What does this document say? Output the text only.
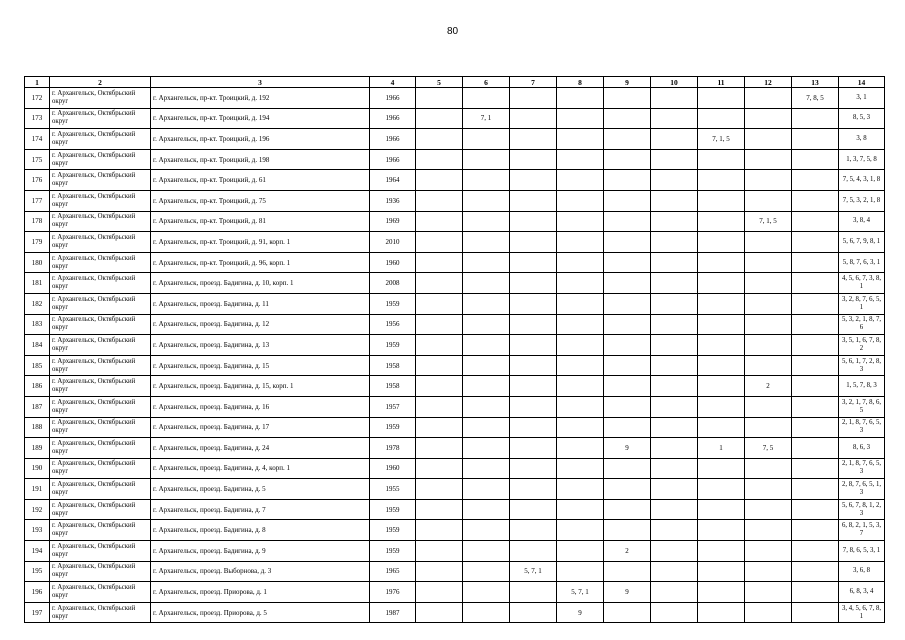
80
1	2	3	4	5	6	7	8	9	10	11	12	13	14
172	г. Архангельск, Октябрьский округ	г. Архангельск, пр-кт. Троицкий, д. 192	1966									7, 8, 5	3, 1
173	г. Архангельск, Октябрьский округ	г. Архангельск, пр-кт. Троицкий, д. 194	1966		7, 1								8, 5, 3
174	г. Архангельск, Октябрьский округ	г. Архангельск, пр-кт. Троицкий, д. 196	1966							7, 1, 5			3, 8
175	г. Архангельск, Октябрьский округ	г. Архангельск, пр-кт. Троицкий, д. 198	1966										1, 3, 7, 5, 8
176	г. Архангельск, Октябрьский округ	г. Архангельск, пр-кт. Троицкий, д. 61	1964										7, 5, 4, 3, 1, 8
177	г. Архангельск, Октябрьский округ	г. Архангельск, пр-кт. Троицкий, д. 75	1936										7, 5, 3, 2, 1, 8
178	г. Архангельск, Октябрьский округ	г. Архангельск, пр-кт. Троицкий, д. 81	1969								7, 1, 5		3, 8, 4
179	г. Архангельск, Октябрьский округ	г. Архангельск, пр-кт. Троицкий, д. 91, корп. 1	2010										5, 6, 7, 9, 8, 1
180	г. Архангельск, Октябрьский округ	г. Архангельск, пр-кт. Троицкий, д. 96, корп. 1	1960										5, 8, 7, 6, 3, 1
181	г. Архангельск, Октябрьский округ	г. Архангельск, проезд. Бадигина, д. 10, корп. 1	2008										4, 5, 6, 7, 3, 8, 1
182	г. Архангельск, Октябрьский округ	г. Архангельск, проезд. Бадигина, д. 11	1959										3, 2, 8, 7, 6, 5, 1
183	г. Архангельск, Октябрьский округ	г. Архангельск, проезд. Бадигина, д. 12	1956										5, 3, 2, 1, 8, 7, 6
184	г. Архангельск, Октябрьский округ	г. Архангельск, проезд. Бадигина, д. 13	1959										3, 5, 1, 6, 7, 8, 2
185	г. Архангельск, Октябрьский округ	г. Архангельск, проезд. Бадигина, д. 15	1958										5, 6, 1, 7, 2, 8, 3
186	г. Архангельск, Октябрьский округ	г. Архангельск, проезд. Бадигина, д. 15, корп. 1	1958								2		1, 5, 7, 8, 3
187	г. Архангельск, Октябрьский округ	г. Архангельск, проезд. Бадигина, д. 16	1957										3, 2, 1, 7, 8, 6, 5
188	г. Архангельск, Октябрьский округ	г. Архангельск, проезд. Бадигина, д. 17	1959										2, 1, 8, 7, 6, 5, 3
189	г. Архангельск, Октябрьский округ	г. Архангельск, проезд. Бадигина, д. 24	1978					9		1	7, 5		8, 6, 3
190	г. Архангельск, Октябрьский округ	г. Архангельск, проезд. Бадигина, д. 4, корп. 1	1960										2, 1, 8, 7, 6, 5, 3
191	г. Архангельск, Октябрьский округ	г. Архангельск, проезд. Бадигина, д. 5	1955										2, 8, 7, 6, 5, 1, 3
192	г. Архангельск, Октябрьский округ	г. Архангельск, проезд. Бадигина, д. 7	1959										5, 6, 7, 8, 1, 2, 3
193	г. Архангельск, Октябрьский округ	г. Архангельск, проезд. Бадигина, д. 8	1959										6, 8, 2, 1, 5, 3, 7
194	г. Архангельск, Октябрьский округ	г. Архангельск, проезд. Бадигина, д. 9	1959					2					7, 8, 6, 5, 3, 1
195	г. Архангельск, Октябрьский округ	г. Архангельск, проезд. Выборнова, д. 3	1965			5, 7, 1							3, 6, 8
196	г. Архангельск, Октябрьский округ	г. Архангельск, проезд. Приорова, д. 1	1976				5, 7, 1	9					6, 8, 3, 4
197	г. Архангельск, Октябрьский округ	г. Архангельск, проезд. Приорова, д. 5	1987				9						3, 4, 5, 6, 7, 8, 1
